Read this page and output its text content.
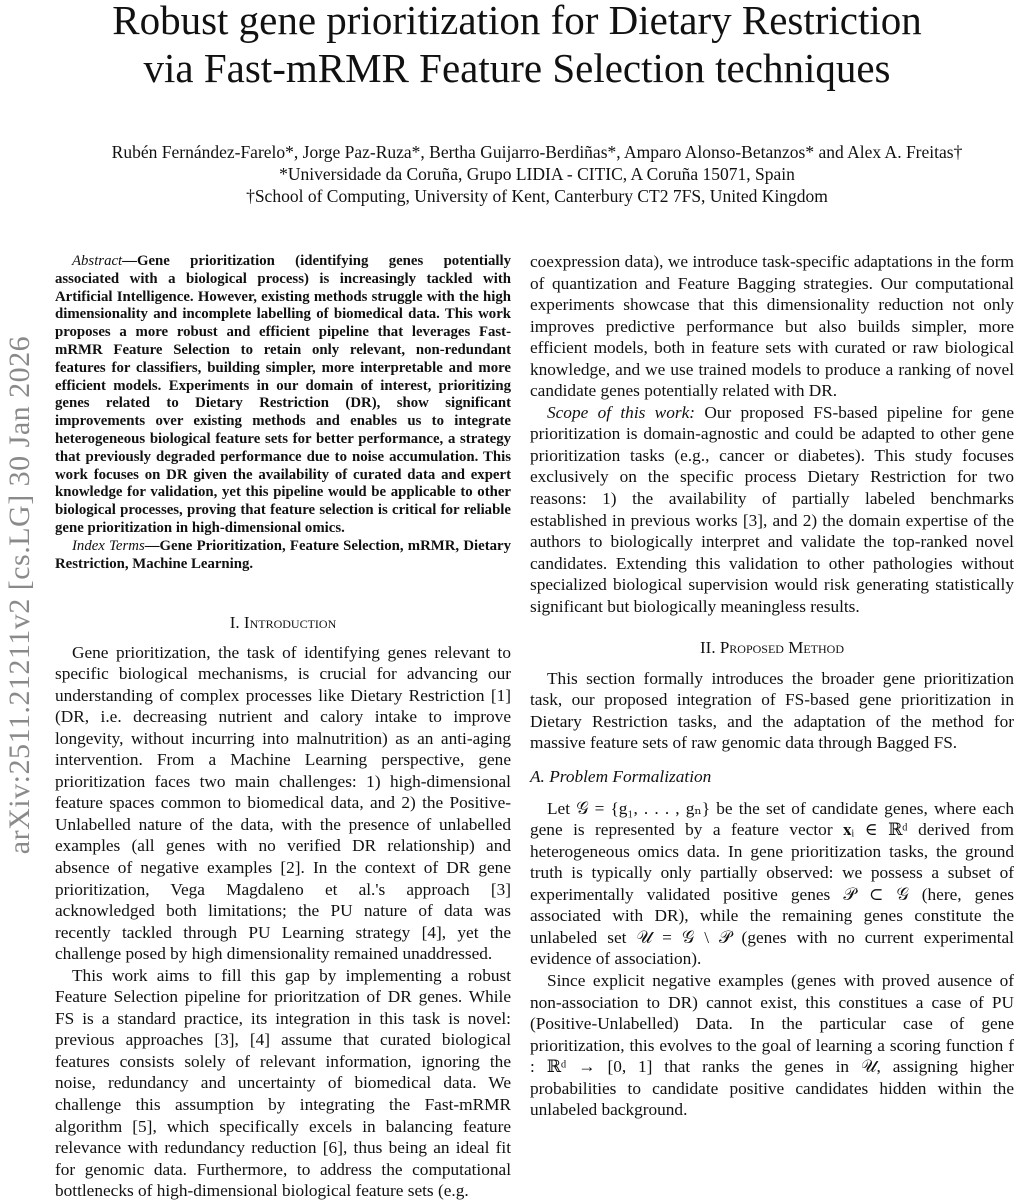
Robust gene prioritization for Dietary Restriction
via Fast-mRMR Feature Selection techniques
Rubén Fernández-Farelo*, Jorge Paz-Ruza*, Bertha Guijarro-Berdiñas*, Amparo Alonso-Betanzos* and Alex A. Freitas†
*Universidade da Coruña, Grupo LIDIA - CITIC, A Coruña 15071, Spain
†School of Computing, University of Kent, Canterbury CT2 7FS, United Kingdom
arXiv:2511.21211v2 [cs.LG] 30 Jan 2026

Abstract—Gene prioritization (identifying genes potentially associated with a biological process) is increasingly tackled with Artificial Intelligence. However, existing methods struggle with the high dimensionality and incomplete labelling of biomedical data. This work proposes a more robust and efficient pipeline that leverages Fast-mRMR Feature Selection to retain only relevant, non-redundant features for classifiers, building simpler, more interpretable and more efficient models. Experiments in our domain of interest, prioritizing genes related to Dietary Restriction (DR), show significant improvements over existing methods and enables us to integrate heterogeneous biological feature sets for better performance, a strategy that previously degraded performance due to noise accumulation. This work focuses on DR given the availability of curated data and expert knowledge for validation, yet this pipeline would be applicable to other biological processes, proving that feature selection is critical for reliable gene prioritization in high-dimensional omics.

Index Terms—Gene Prioritization, Feature Selection, mRMR, Dietary Restriction, Machine Learning.

I. Introduction

Gene prioritization, the task of identifying genes relevant to specific biological mechanisms, is crucial for advancing our understanding of complex processes like Dietary Restriction [1] (DR, i.e. decreasing nutrient and calory intake to improve longevity, without incurring into malnutrition) as an anti-aging intervention. From a Machine Learning perspective, gene prioritization faces two main challenges: 1) high-dimensional feature spaces common to biomedical data, and 2) the Positive-Unlabelled nature of the data, with the presence of unlabelled examples (all genes with no verified DR relationship) and absence of negative examples [2]. In the context of DR gene prioritization, Vega Magdaleno et al.'s approach [3] acknowledged both limitations; the PU nature of data was recently tackled through PU Learning strategy [4], yet the challenge posed by high dimensionality remained unaddressed.

This work aims to fill this gap by implementing a robust Feature Selection pipeline for prioritzation of DR genes. While FS is a standard practice, its integration in this task is novel: previous approaches [3], [4] assume that curated biological features consists solely of relevant information, ignoring the noise, redundancy and uncertainty of biomedical data. We challenge this assumption by integrating the Fast-mRMR algorithm [5], which specifically excels in balancing feature relevance with redundancy reduction [6], thus being an ideal fit for genomic data. Furthermore, to address the computational bottlenecks of high-dimensional biological feature sets (e.g.

coexpression data), we introduce task-specific adaptations in the form of quantization and Feature Bagging strategies. Our computational experiments showcase that this dimensionality reduction not only improves predictive performance but also builds simpler, more efficient models, both in feature sets with curated or raw biological knowledge, and we use trained models to produce a ranking of novel candidate genes potentially related with DR.

Scope of this work: Our proposed FS-based pipeline for gene prioritization is domain-agnostic and could be adapted to other gene prioritization tasks (e.g., cancer or diabetes). This study focuses exclusively on the specific process Dietary Restriction for two reasons: 1) the availability of partially labeled benchmarks established in previous works [3], and 2) the domain expertise of the authors to biologically interpret and validate the top-ranked novel candidates. Extending this validation to other pathologies without specialized biological supervision would risk generating statistically significant but biologically meaningless results.

II. Proposed Method

This section formally introduces the broader gene prioritization task, our proposed integration of FS-based gene prioritization in Dietary Restriction tasks, and the adaptation of the method for massive feature sets of raw genomic data through Bagged FS.

A. Problem Formalization

Let 𝒢 = {g₁, . . . , gₙ} be the set of candidate genes, where each gene is represented by a feature vector 𝐱ᵢ ∈ ℝᵈ derived from heterogeneous omics data. In gene prioritization tasks, the ground truth is typically only partially observed: we possess a subset of experimentally validated positive genes 𝒫 ⊂ 𝒢 (here, genes associated with DR), while the remaining genes constitute the unlabeled set 𝒰 = 𝒢 \ 𝒫 (genes with no current experimental evidence of association).

Since explicit negative examples (genes with proved ausence of non-association to DR) cannot exist, this constitues a case of PU (Positive-Unlabelled) Data. In the particular case of gene prioritization, this evolves to the goal of learning a scoring function f : ℝᵈ → [0, 1] that ranks the genes in 𝒰, assigning higher probabilities to candidate positive candidates hidden within the unlabeled background.
